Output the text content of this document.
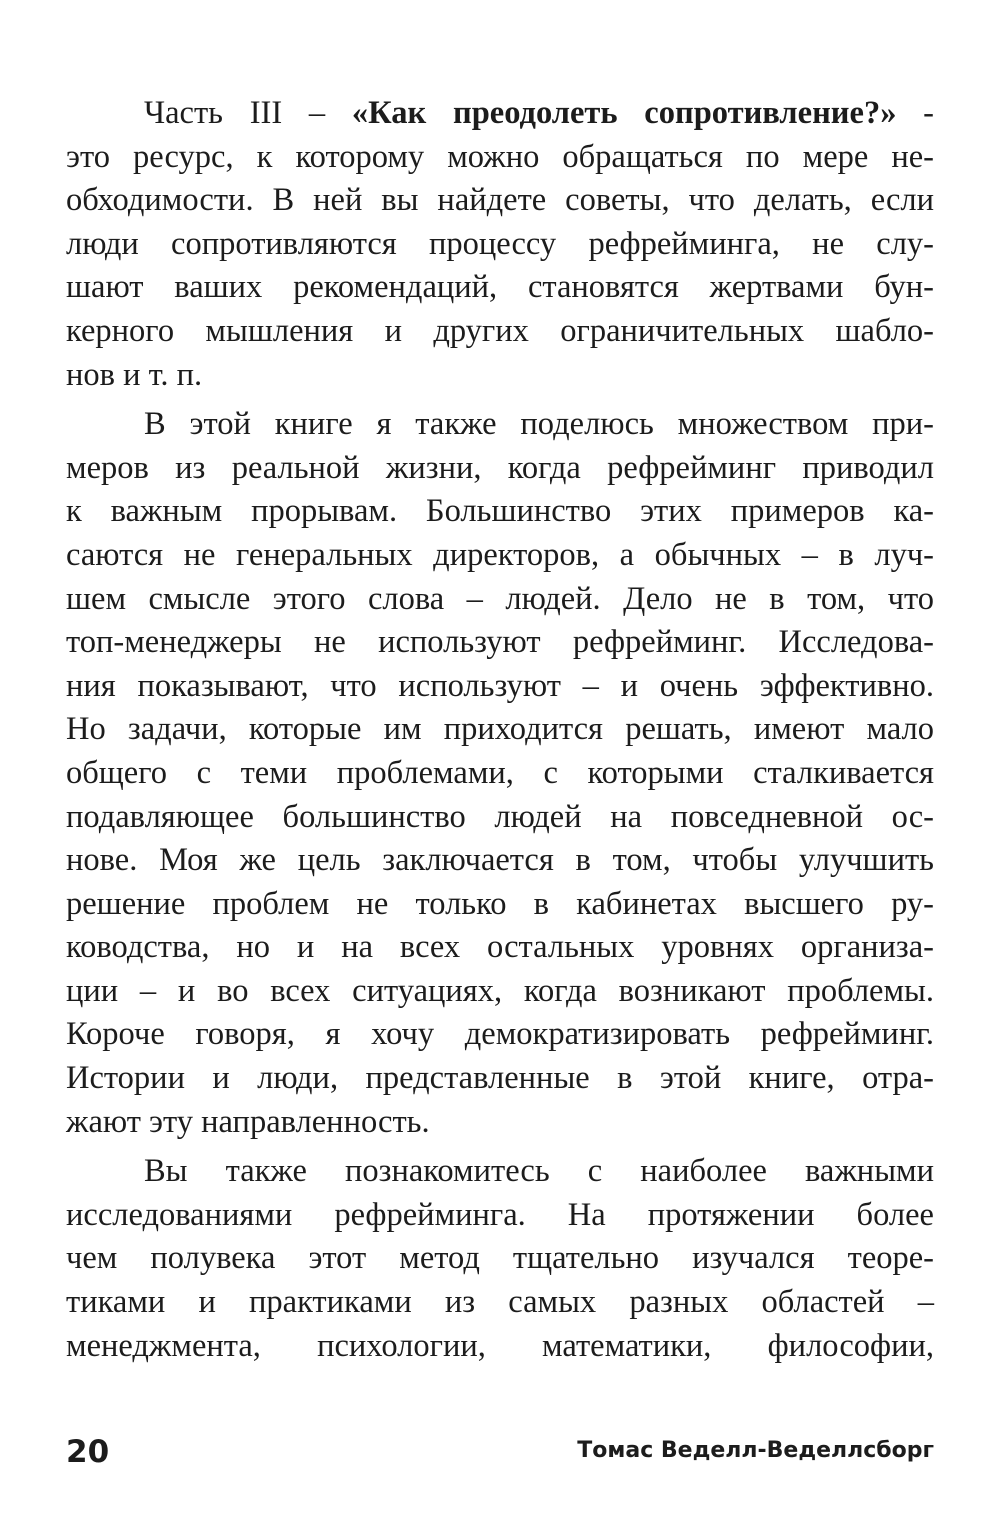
Часть III – «Как преодолеть сопротивление?» -
это ресурс, к которому можно обращаться по мере не-
обходимости. В ней вы найдете советы, что делать, если
люди сопротивляются процессу рефрейминга, не слу-
шают ваших рекомендаций, становятся жертвами бун-
керного мышления и других ограничительных шабло-
нов и т. п.
В этой книге я также поделюсь множеством при-
меров из реальной жизни, когда рефрейминг приводил
к важным прорывам. Большинство этих примеров ка-
саются не генеральных директоров, а обычных – в луч-
шем смысле этого слова – людей. Дело не в том, что
топ-менеджеры не используют рефрейминг. Исследова-
ния показывают, что используют – и очень эффективно.
Но задачи, которые им приходится решать, имеют мало
общего с теми проблемами, с которыми сталкивается
подавляющее большинство людей на повседневной ос-
нове. Моя же цель заключается в том, чтобы улучшить
решение проблем не только в кабинетах высшего ру-
ководства, но и на всех остальных уровнях организа-
ции – и во всех ситуациях, когда возникают проблемы.
Короче говоря, я хочу демократизировать рефрейминг.
Истории и люди, представленные в этой книге, отра-
жают эту направленность.
Вы также познакомитесь с наиболее важными
исследованиями рефрейминга. На протяжении более
чем полувека этот метод тщательно изучался теоре-
тиками и практиками из самых разных областей –
менеджмента, психологии, математики, философии,
20	Томас Веделл-Веделлсборг
